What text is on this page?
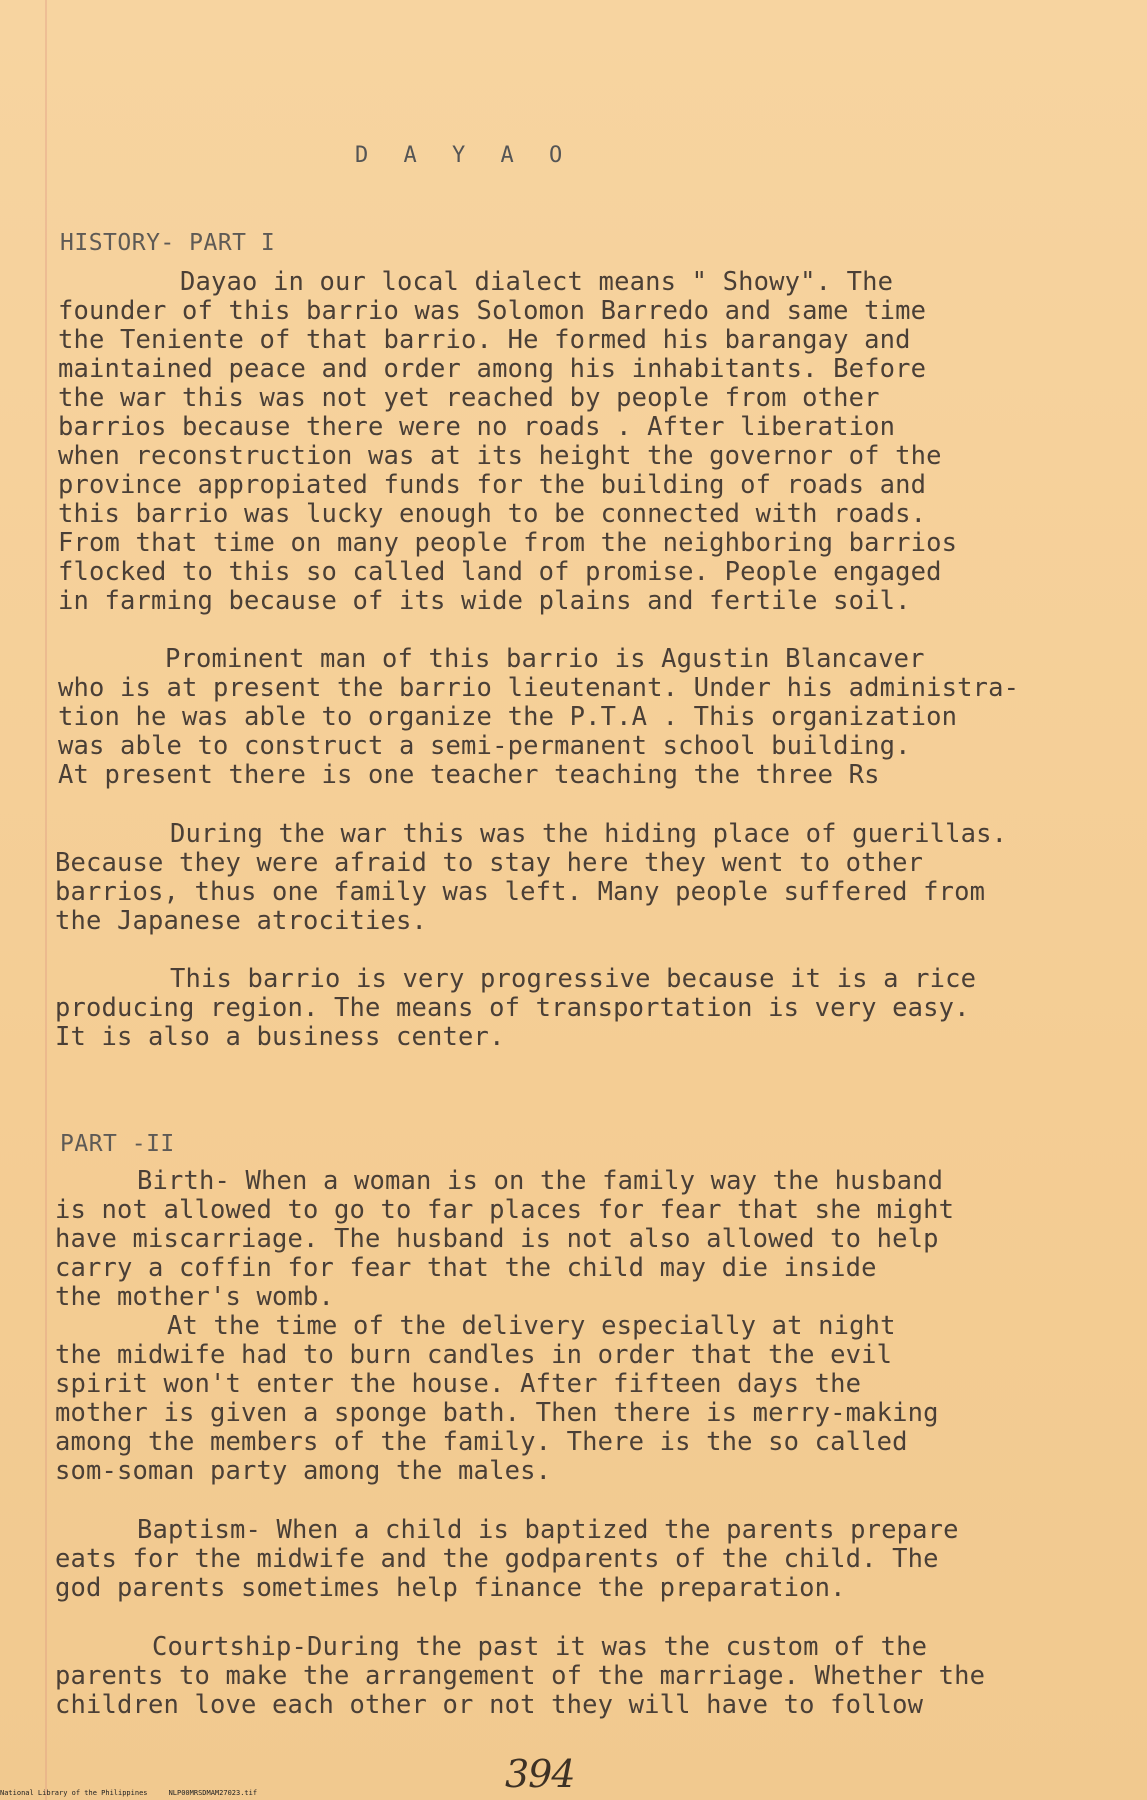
D A Y A O
HISTORY- PART I
PART -II
Dayao in our local dialect means " Showy". The
founder of this barrio was Solomon Barredo and same time
the Teniente of that barrio. He formed his barangay and
maintained peace and order among his inhabitants. Before
the war this was not yet reached by people from other
barrios because there were no roads . After liberation
when reconstruction was at its height the governor of the
province appropiated funds for the building of roads and
this barrio was lucky enough to be connected with roads.
From that time on many people from the neighboring barrios
flocked to this so called land of promise. People engaged
in farming because of its wide plains and fertile soil.
Prominent man of this barrio is Agustin Blancaver
who is at present the barrio lieutenant. Under his administra-
tion he was able to organize the P.T.A . This organization
was able to construct a semi-permanent school building.
At present there is one teacher teaching the three Rs
During the war this was the hiding place of guerillas.
Because they were afraid to stay here they went to other
barrios, thus one family was left. Many people suffered from
the Japanese atrocities.
This barrio is very progressive because it is a rice
producing region. The means of transportation is very easy.
It is also a business center.
Birth- When a woman is on the family way the husband
is not allowed to go to far places for fear that she might
have miscarriage. The husband is not also allowed to help
carry a coffin for fear that the child may die inside
the mother's womb.
At the time of the delivery especially at night
the midwife had to burn candles in order that the evil
spirit won't enter the house. After fifteen days the
mother is given a sponge bath. Then there is merry-making
among the members of the family. There is the so called
som-soman party among the males.
Baptism- When a child is baptized the parents prepare
eats for the midwife and the godparents of the child. The
god parents sometimes help finance the preparation.
Courtship-During the past it was the custom of the
parents to make the arrangement of the marriage. Whether the
children love each other or not they will have to follow
394
National Library of the Philippines     NLP00MRSDMAM27023.tif
